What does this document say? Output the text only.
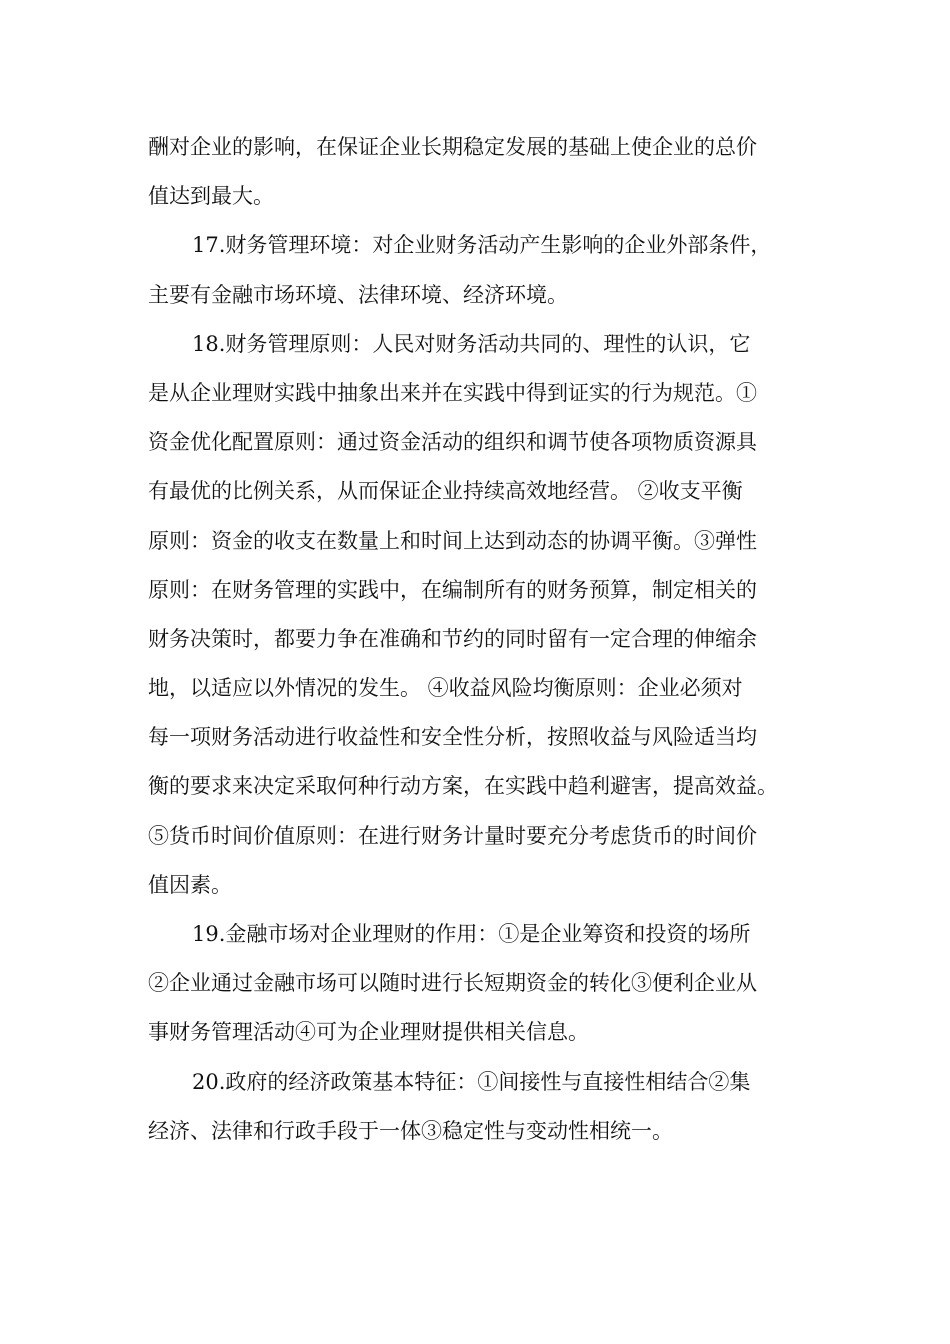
酬对企业的影响，在保证企业长期稳定发展的基础上使企业的总价
值达到最大。
17.财务管理环境：对企业财务活动产生影响的企业外部条件，
主要有金融市场环境、法律环境、经济环境。
18.财务管理原则：人民对财务活动共同的、理性的认识，它
是从企业理财实践中抽象出来并在实践中得到证实的行为规范。①
资金优化配置原则：通过资金活动的组织和调节使各项物质资源具
有最优的比例关系，从而保证企业持续高效地经营。 ②收支平衡
原则：资金的收支在数量上和时间上达到动态的协调平衡。③弹性
原则：在财务管理的实践中，在编制所有的财务预算，制定相关的
财务决策时，都要力争在准确和节约的同时留有一定合理的伸缩余
地，以适应以外情况的发生。 ④收益风险均衡原则：企业必须对
每一项财务活动进行收益性和安全性分析，按照收益与风险适当均
衡的要求来决定采取何种行动方案，在实践中趋利避害，提高效益。
⑤货币时间价值原则：在进行财务计量时要充分考虑货币的时间价
值因素。
19.金融市场对企业理财的作用：①是企业筹资和投资的场所
②企业通过金融市场可以随时进行长短期资金的转化③便利企业从
事财务管理活动④可为企业理财提供相关信息。
20.政府的经济政策基本特征：①间接性与直接性相结合②集
经济、法律和行政手段于一体③稳定性与变动性相统一。
